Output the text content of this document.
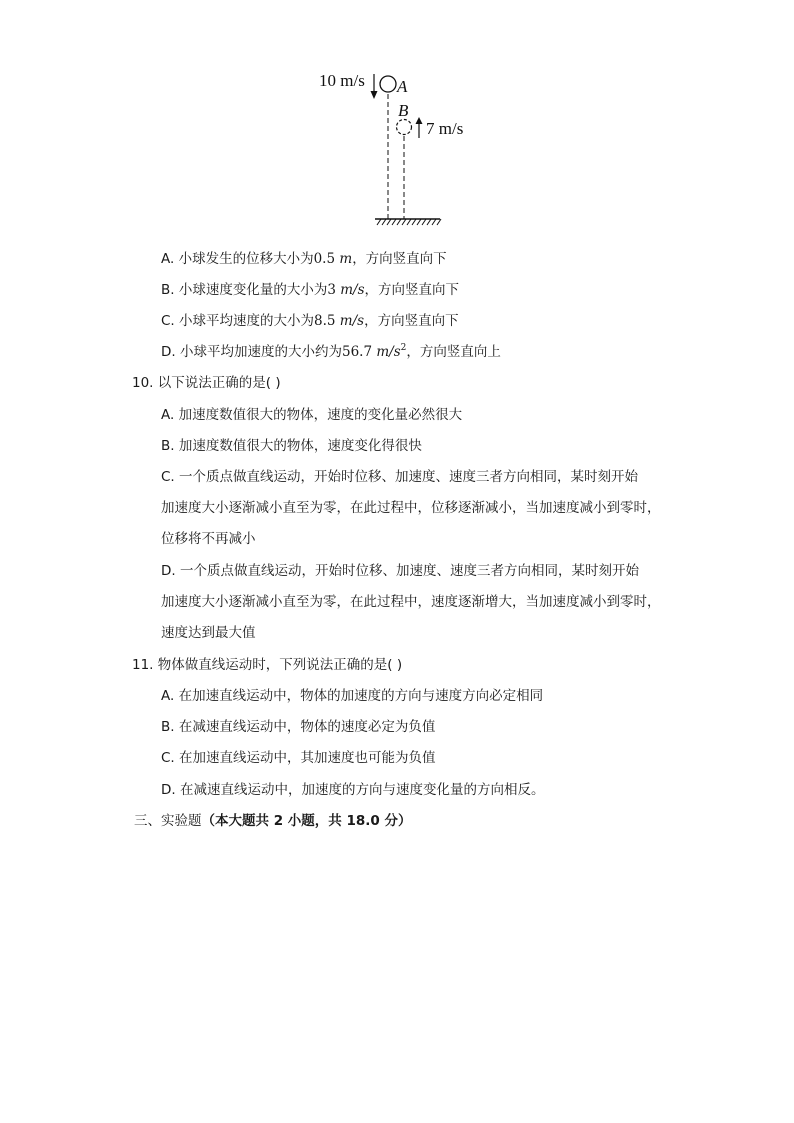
10 m/s A
B
7 m/s
A. 小球发生的位移大小为0.5 m，方向竖直向下
B. 小球速度变化量的大小为3 m/s，方向竖直向下
C. 小球平均速度的大小为8.5 m/s，方向竖直向下
D. 小球平均加速度的大小约为56.7 $m/s^2$，方向竖直向上
10. 以下说法正确的是( )
A. 加速度数值很大的物体，速度的变化量必然很大
B. 加速度数值很大的物体，速度变化得很快
C. 一个质点做直线运动，开始时位移、加速度、速度三者方向相同，某时刻开始
加速度大小逐渐减小直至为零，在此过程中，位移逐渐减小，当加速度减小到零时，
位移将不再减小
D. 一个质点做直线运动，开始时位移、加速度、速度三者方向相同，某时刻开始
加速度大小逐渐减小直至为零，在此过程中，速度逐渐增大，当加速度减小到零时，
速度达到最大值
11. 物体做直线运动时，下列说法正确的是( )
A. 在加速直线运动中，物体的加速度的方向与速度方向必定相同
B. 在减速直线运动中，物体的速度必定为负值
C. 在加速直线运动中，其加速度也可能为负值
D. 在减速直线运动中，加速度的方向与速度变化量的方向相反。
三、实验题（本大题共 2 小题，共 18.0 分）
